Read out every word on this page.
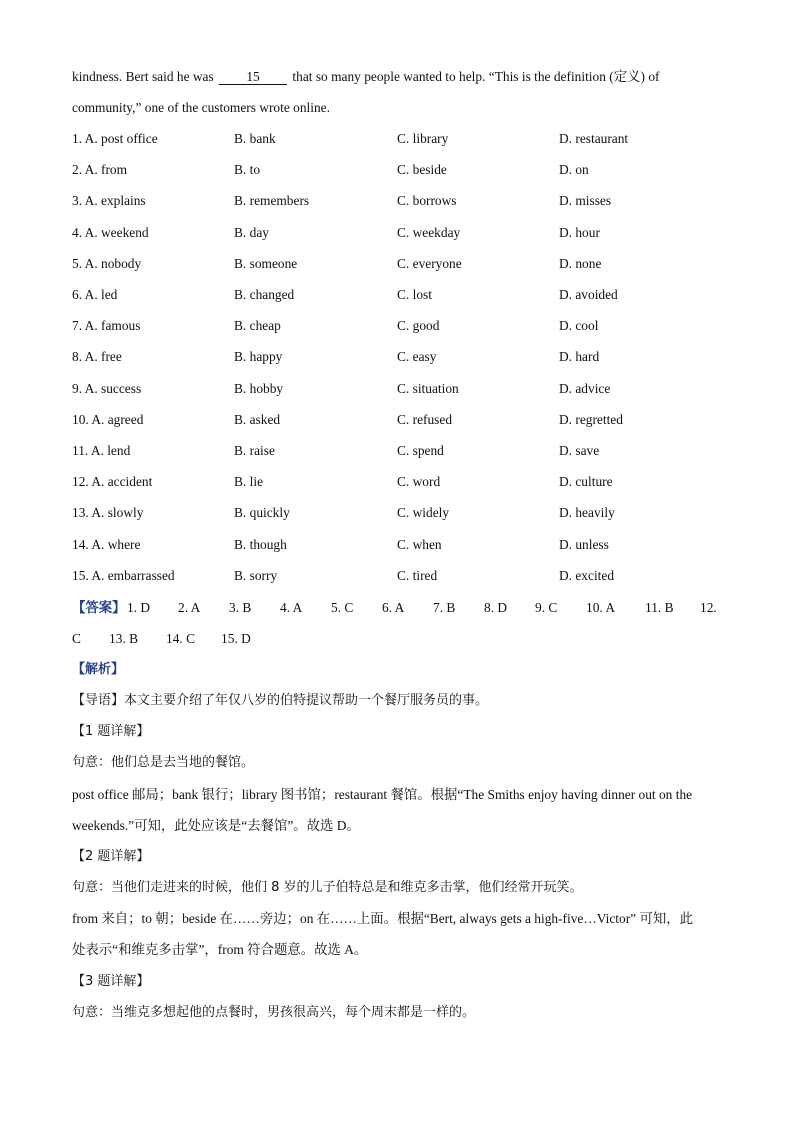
kindness. Bert said he was 15 that so many people wanted to help. “This is the definition (定义) of
community,” one of the customers wrote online.
1. A. post office	B. bank	C. library	D. restaurant
2. A. from	B. to	C. beside	D. on
3. A. explains	B. remembers	C. borrows	D. misses
4. A. weekend	B. day	C. weekday	D. hour
5. A. nobody	B. someone	C. everyone	D. none
6. A. led	B. changed	C. lost	D. avoided
7. A. famous	B. cheap	C. good	D. cool
8. A. free	B. happy	C. easy	D. hard
9. A. success	B. hobby	C. situation	D. advice
10. A. agreed	B. asked	C. refused	D. regretted
11. A. lend	B. raise	C. spend	D. save
12. A. accident	B. lie	C. word	D. culture
13. A. slowly	B. quickly	C. widely	D. heavily
14. A. where	B. though	C. when	D. unless
15. A. embarrassed	B. sorry	C. tired	D. excited
【答案】 1. D 2. A 3. B 4. A 5. C 6. A 7. B 8. D 9. C 10. A 11. B 12.
C 13. B 14. C 15. D
【解析】
【导语】本文主要介绍了年仅八岁的伯特提议帮助一个餐厅服务员的事。
【1 题详解】
句意：他们总是去当地的餐馆。
post office 邮局；bank 银行；library 图书馆；restaurant 餐馆。根据“The Smiths enjoy having dinner out on the
weekends.”可知，此处应该是“去餐馆”。故选 D。
【2 题详解】
句意：当他们走进来的时候，他们 8 岁的儿子伯特总是和维克多击掌，他们经常开玩笑。
from 来自；to 朝；beside 在……旁边；on 在……上面。根据“Bert, always gets a high-five…Victor” 可知，此
处表示“和维克多击掌”，from 符合题意。故选 A。
【3 题详解】
句意：当维克多想起他的点餐时，男孩很高兴，每个周末都是一样的。
